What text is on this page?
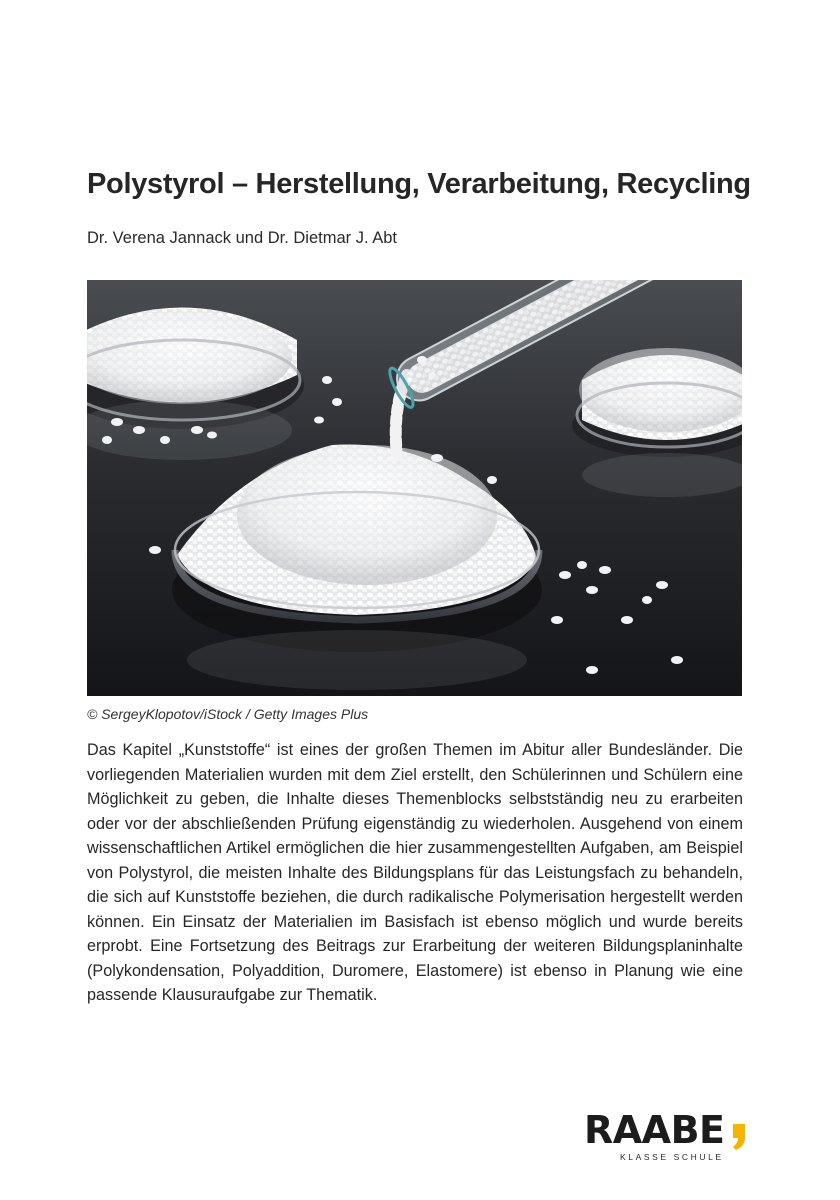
Polystyrol – Herstellung, Verarbeitung, Recycling
Dr. Verena Jannack und Dr. Dietmar J. Abt
© SergeyKlopotov/iStock / Getty Images Plus
Das Kapitel „Kunststoffe“ ist eines der großen Themen im Abitur aller Bundesländer. Die vorliegenden Materialien wurden mit dem Ziel erstellt, den Schülerinnen und Schülern eine Möglichkeit zu geben, die Inhalte dieses Themenblocks selbstständig neu zu erarbeiten oder vor der abschließenden Prüfung eigenständig zu wiederholen. Ausgehend von einem wissenschaftlichen Artikel ermöglichen die hier zusammengestellten Aufgaben, am Beispiel von Polystyrol, die meisten Inhalte des Bildungsplans für das Leistungsfach zu behandeln, die sich auf Kunststoffe beziehen, die durch radikalische Polymerisation hergestellt werden können. Ein Einsatz der Materialien im Basisfach ist ebenso möglich und wurde bereits erprobt. Eine Fortsetzung des Beitrags zur Erarbeitung der weiteren Bildungsplaninhalte (Polykondensation, Polyaddition, Duromere, Elastomere) ist ebenso in Planung wie eine passende Klausuraufgabe zur Thematik.
RAABE
KLASSE SCHULE
